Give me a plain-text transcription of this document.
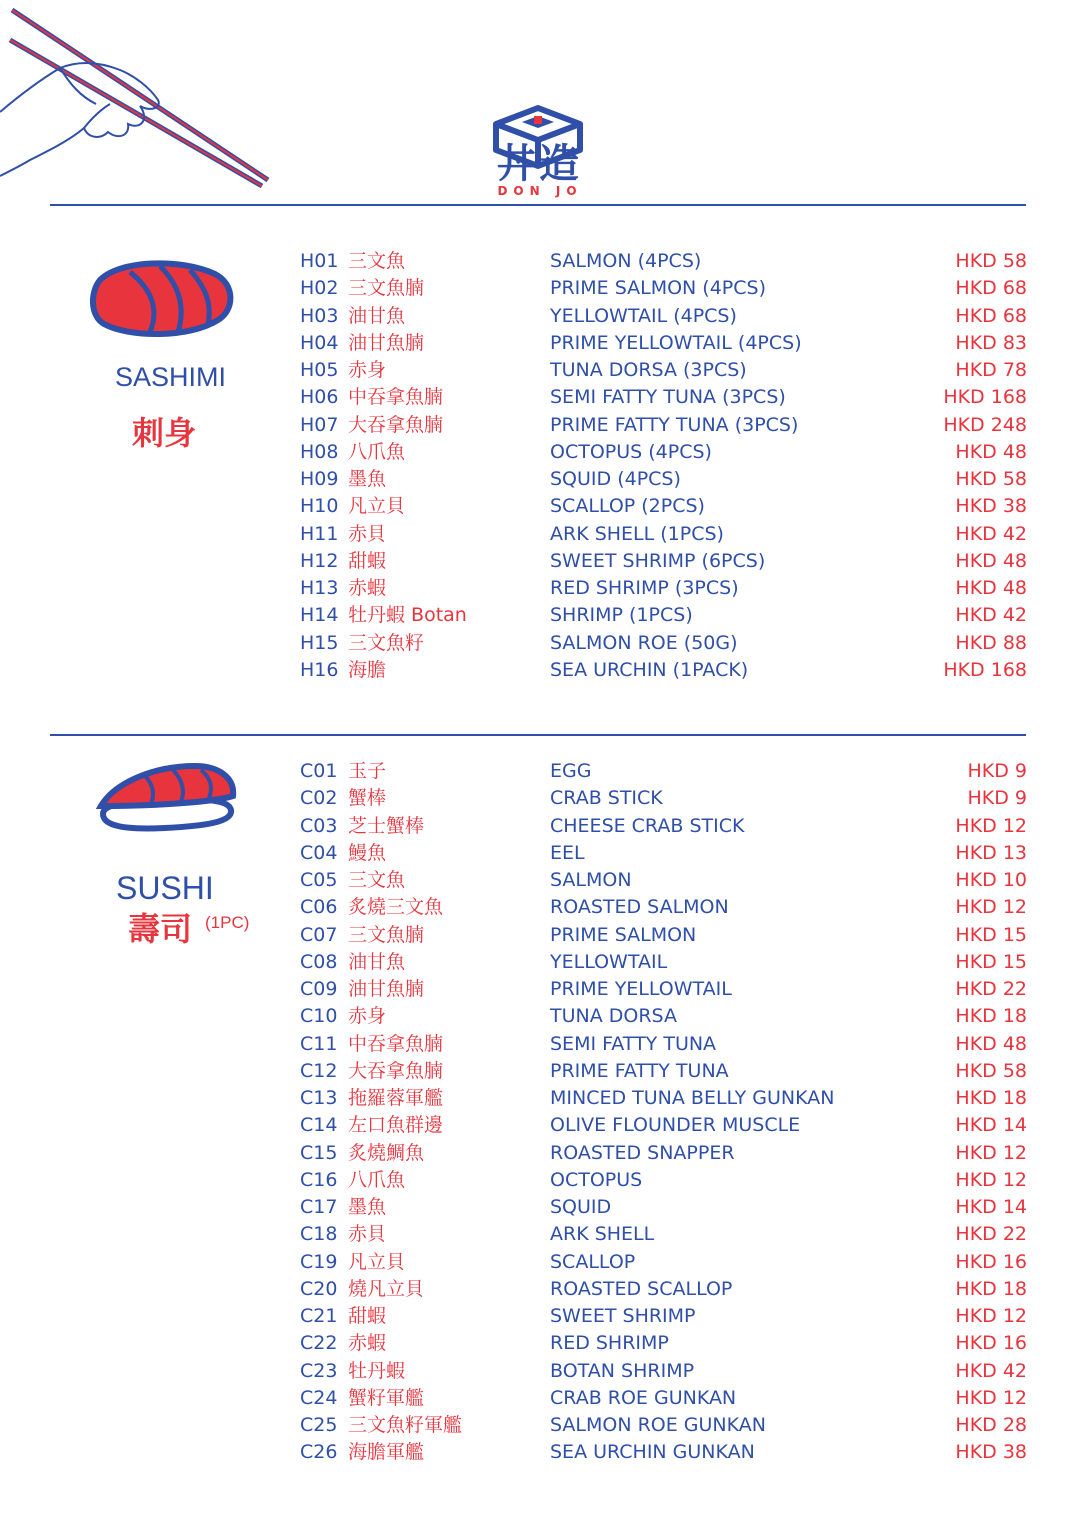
丼造
DON JO
SASHIMI
刺身
H01 三文魚	SALMON (4PCS)	HKD 58
H02 三文魚腩	PRIME SALMON (4PCS)	HKD 68
H03 油甘魚	YELLOWTAIL (4PCS)	HKD 68
H04 油甘魚腩	PRIME YELLOWTAIL (4PCS)	HKD 83
H05 赤身	TUNA DORSA (3PCS)	HKD 78
H06 中吞拿魚腩	SEMI FATTY TUNA (3PCS)	HKD 168
H07 大吞拿魚腩	PRIME FATTY TUNA (3PCS)	HKD 248
H08 八爪魚	OCTOPUS (4PCS)	HKD 48
H09 墨魚	SQUID (4PCS)	HKD 58
H10 凡立貝	SCALLOP (2PCS)	HKD 38
H11 赤貝	ARK SHELL (1PCS)	HKD 42
H12 甜蝦	SWEET SHRIMP (6PCS)	HKD 48
H13 赤蝦	RED SHRIMP (3PCS)	HKD 48
H14 牡丹蝦 Botan	SHRIMP (1PCS)	HKD 42
H15 三文魚籽	SALMON ROE (50G)	HKD 88
H16 海膽	SEA URCHIN (1PACK)	HKD 168
SUSHI
壽司 (1PC)
C01 玉子	EGG	HKD 9
C02 蟹棒	CRAB STICK	HKD 9
C03 芝士蟹棒	CHEESE CRAB STICK	HKD 12
C04 鰻魚	EEL	HKD 13
C05 三文魚	SALMON	HKD 10
C06 炙燒三文魚	ROASTED SALMON	HKD 12
C07 三文魚腩	PRIME SALMON	HKD 15
C08 油甘魚	YELLOWTAIL	HKD 15
C09 油甘魚腩	PRIME YELLOWTAIL	HKD 22
C10 赤身	TUNA DORSA	HKD 18
C11 中吞拿魚腩	SEMI FATTY TUNA	HKD 48
C12 大吞拿魚腩	PRIME FATTY TUNA	HKD 58
C13 拖羅蓉軍艦	MINCED TUNA BELLY GUNKAN	HKD 18
C14 左口魚群邊	OLIVE FLOUNDER MUSCLE	HKD 14
C15 炙燒鯛魚	ROASTED SNAPPER	HKD 12
C16 八爪魚	OCTOPUS	HKD 12
C17 墨魚	SQUID	HKD 14
C18 赤貝	ARK SHELL	HKD 22
C19 凡立貝	SCALLOP	HKD 16
C20 燒凡立貝	ROASTED SCALLOP	HKD 18
C21 甜蝦	SWEET SHRIMP	HKD 12
C22 赤蝦	RED SHRIMP	HKD 16
C23 牡丹蝦	BOTAN SHRIMP	HKD 42
C24 蟹籽軍艦	CRAB ROE GUNKAN	HKD 12
C25 三文魚籽軍艦	SALMON ROE GUNKAN	HKD 28
C26 海膽軍艦	SEA URCHIN GUNKAN	HKD 38
